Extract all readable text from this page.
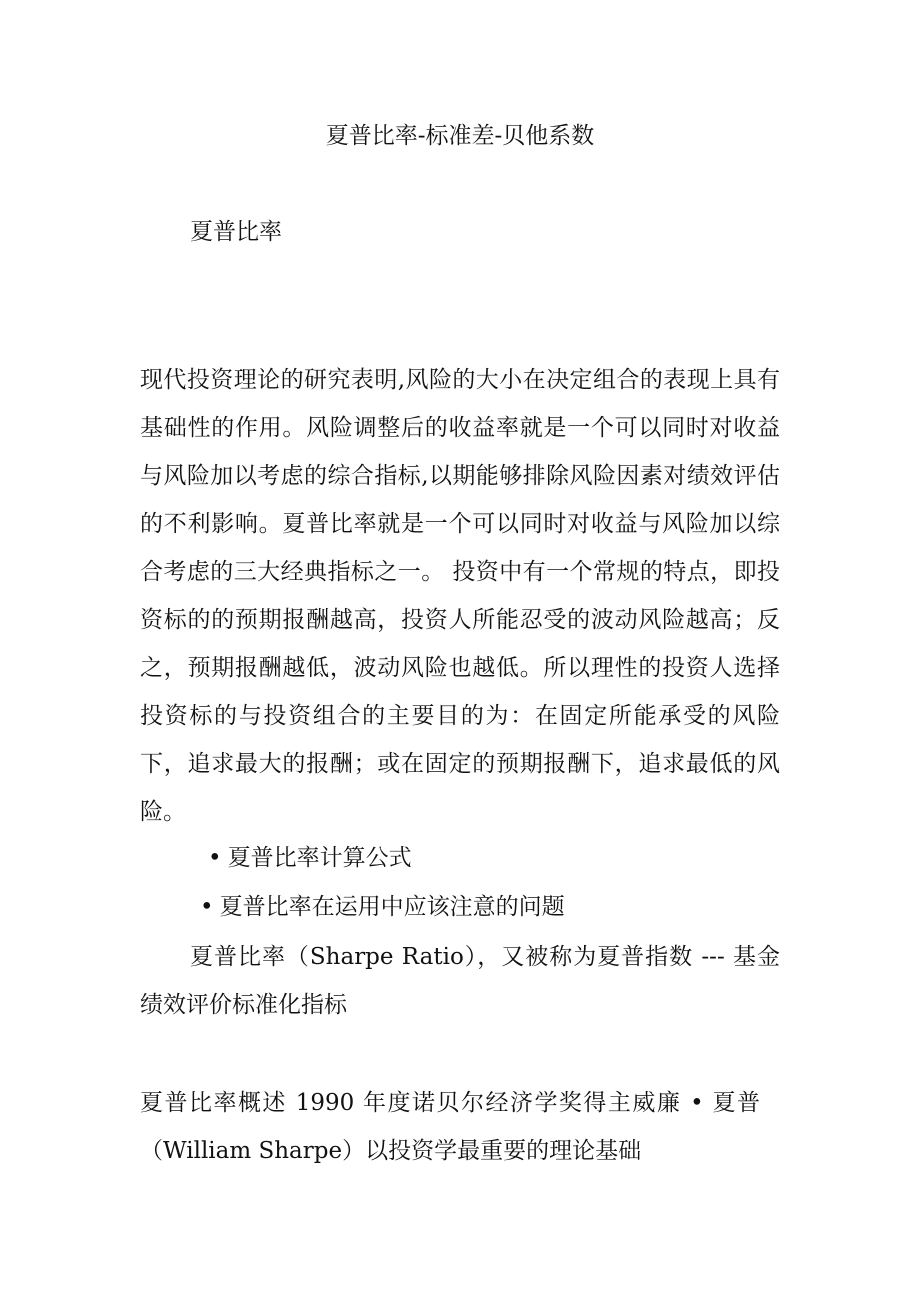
夏普比率-标准差-贝他系数
夏普比率
现代投资理论的研究表明,风险的大小在决定组合的表现上具有基础性的作用。风险调整后的收益率就是一个可以同时对收益与风险加以考虑的综合指标,以期能够排除风险因素对绩效评估的不利影响。夏普比率就是一个可以同时对收益与风险加以综合考虑的三大经典指标之一。 投资中有一个常规的特点，即投资标的的预期报酬越高，投资人所能忍受的波动风险越高；反之，预期报酬越低，波动风险也越低。所以理性的投资人选择投资标的与投资组合的主要目的为：在固定所能承受的风险下，追求最大的报酬；或在固定的预期报酬下，追求最低的风险。
• 夏普比率计算公式
• 夏普比率在运用中应该注意的问题
夏普比率（Sharpe Ratio），又被称为夏普指数 --- 基金绩效评价标准化指标
夏普比率概述 1990 年度诺贝尔经济学奖得主威廉 • 夏普（William Sharpe）以投资学最重要的理论基础
